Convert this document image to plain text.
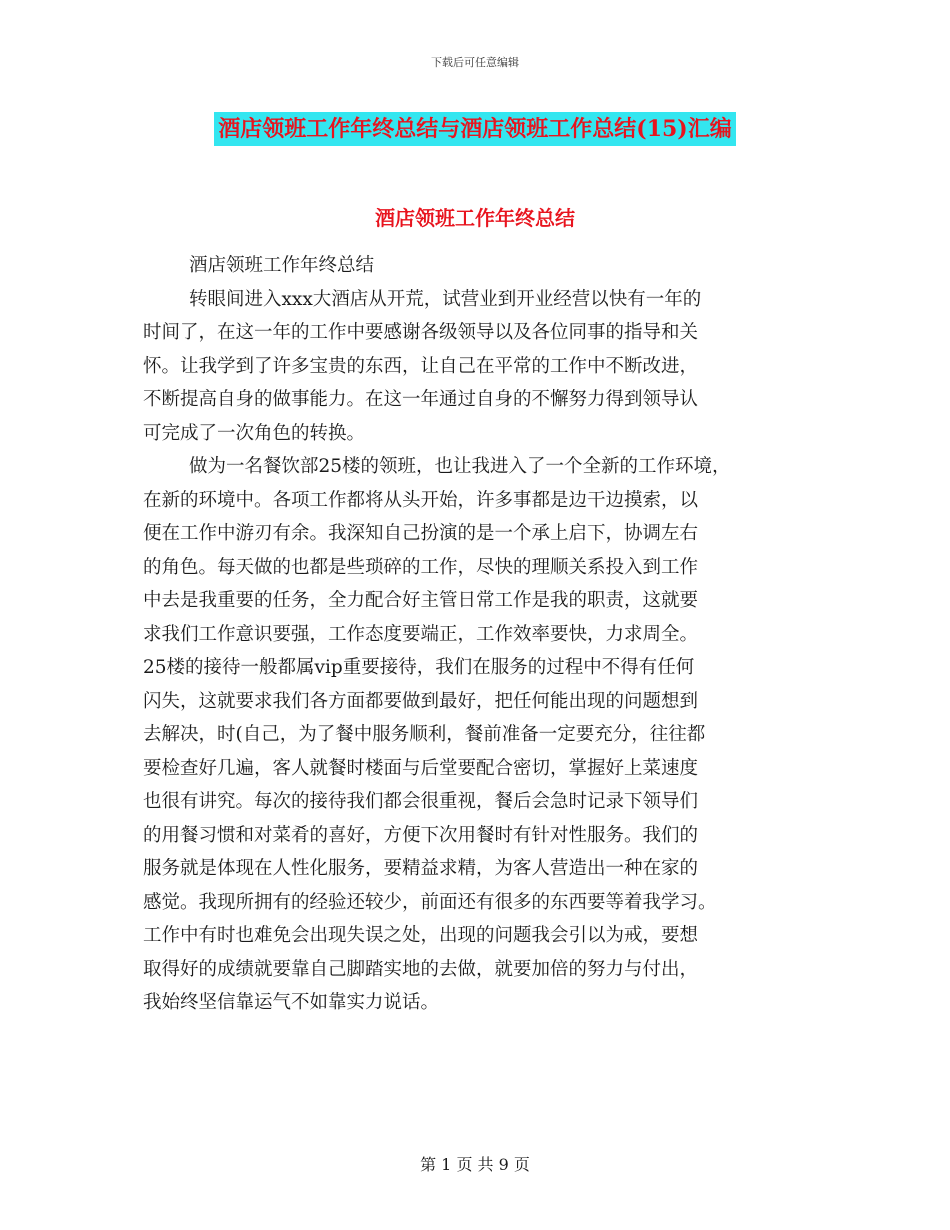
下载后可任意编辑
酒店领班工作年终总结与酒店领班工作总结(15)汇编
酒店领班工作年终总结
酒店领班工作年终总结
转眼间进入xxx大酒店从开荒，试营业到开业经营以快有一年的
时间了，在这一年的工作中要感谢各级领导以及各位同事的指导和关
怀。让我学到了许多宝贵的东西，让自己在平常的工作中不断改进，
不断提高自身的做事能力。在这一年通过自身的不懈努力得到领导认
可完成了一次角色的转换。
做为一名餐饮部25楼的领班，也让我进入了一个全新的工作环境，
在新的环境中。各项工作都将从头开始，许多事都是边干边摸索，以
便在工作中游刃有余。我深知自己扮演的是一个承上启下，协调左右
的角色。每天做的也都是些琐碎的工作，尽快的理顺关系投入到工作
中去是我重要的任务，全力配合好主管日常工作是我的职责，这就要
求我们工作意识要强，工作态度要端正，工作效率要快，力求周全。
25楼的接待一般都属vip重要接待，我们在服务的过程中不得有任何
闪失，这就要求我们各方面都要做到最好，把任何能出现的问题想到
去解决，时(自己，为了餐中服务顺利，餐前准备一定要充分，往往都
要检查好几遍，客人就餐时楼面与后堂要配合密切，掌握好上菜速度
也很有讲究。每次的接待我们都会很重视，餐后会急时记录下领导们
的用餐习惯和对菜肴的喜好，方便下次用餐时有针对性服务。我们的
服务就是体现在人性化服务，要精益求精，为客人营造出一种在家的
感觉。我现所拥有的经验还较少，前面还有很多的东西要等着我学习。
工作中有时也难免会出现失误之处，出现的问题我会引以为戒，要想
取得好的成绩就要靠自己脚踏实地的去做，就要加倍的努力与付出，
我始终坚信靠运气不如靠实力说话。
第 1 页 共 9 页
